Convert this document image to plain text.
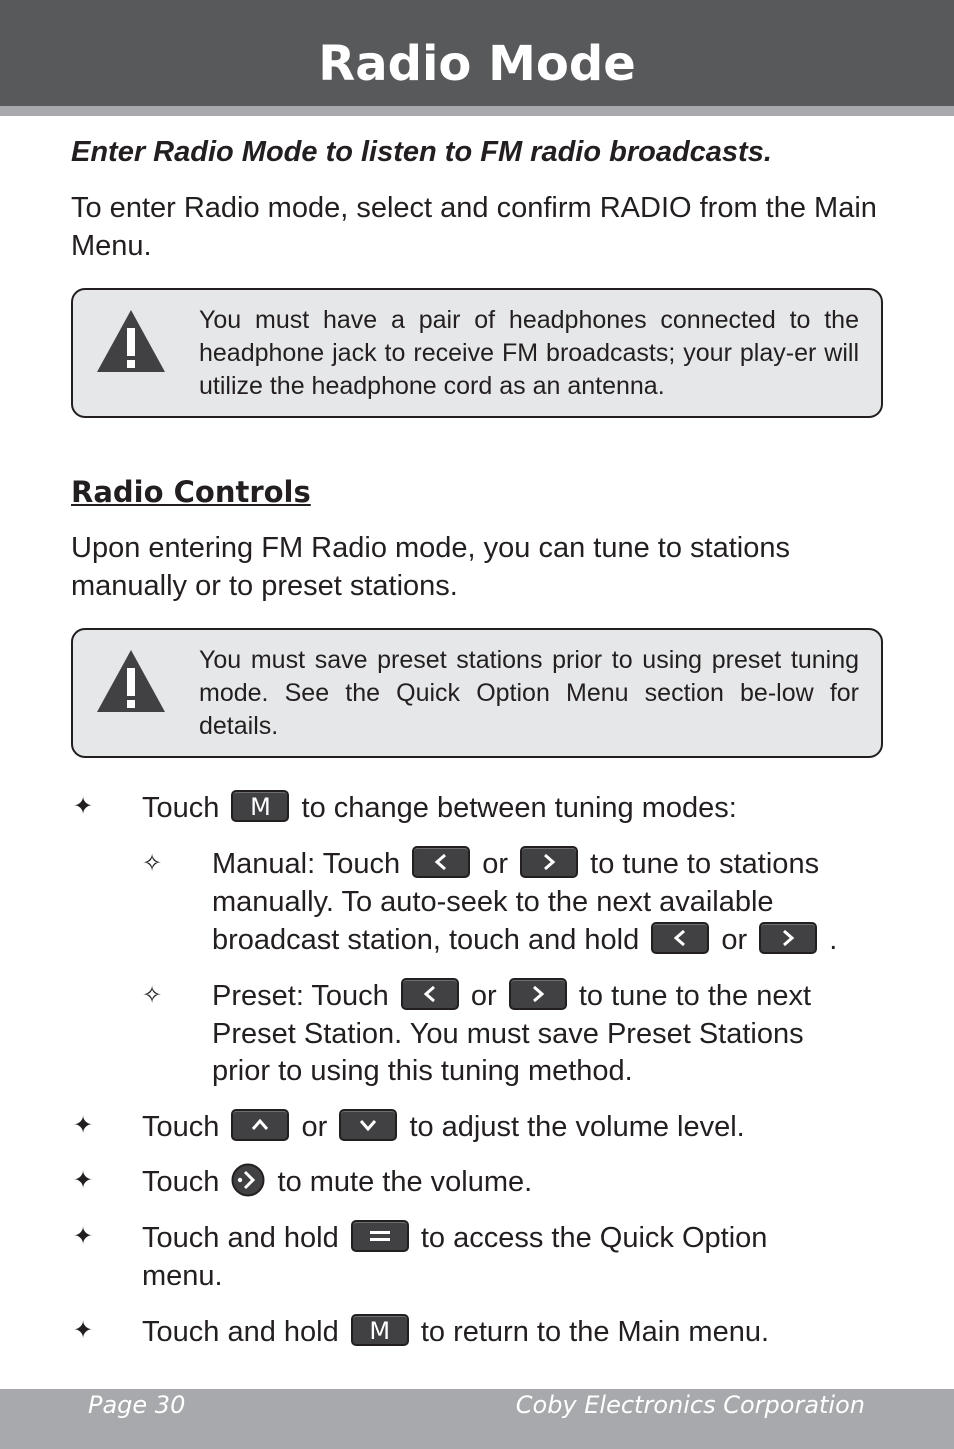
Radio Mode
Enter Radio Mode to listen to FM radio broadcasts.
To enter Radio mode, select and confirm RADIO from the Main Menu.
You must have a pair of headphones connected to the headphone jack to receive FM broadcasts; your play-er will utilize the headphone cord as an antenna.
Radio Controls
Upon entering FM Radio mode, you can tune to stations manually or to preset stations.
You must save preset stations prior to using preset tuning mode. See the Quick Option Menu section be-low for details.
✦ Touch	M	to change between tuning modes:
✧ Manual: Touch	or	to tune to stations
manually. To auto-seek to the next available
broadcast station, touch and hold	or	.
✧ Preset: Touch	or	to tune to the next
Preset Station. You must save Preset Stations
prior to using this tuning method.
✦ Touch	or	to adjust the volume level.
✦ Touch to mute the volume.
✦ Touch and hold	to access the Quick Option
menu.
✦ Touch and hold	M	to return to the Main menu.
Page 30	Coby Electronics Corporation
